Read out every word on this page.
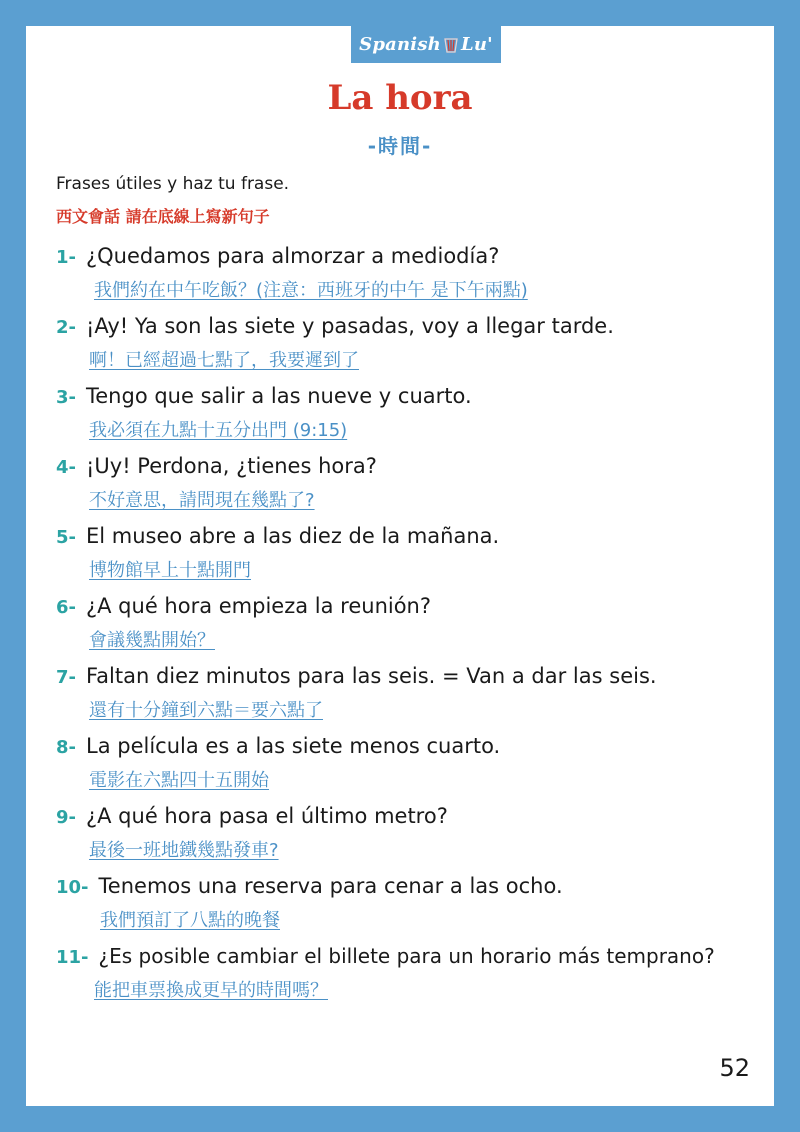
Spanish Lu'
La hora
-時間-
Frases útiles y haz tu frase.
西文會話 請在底線上寫新句子
1- ¿Quedamos para almorzar a mediodía?
我們約在中午吃飯？(注意：西班牙的中午 是下午兩點)
2- ¡Ay! Ya son las siete y pasadas, voy a llegar tarde.
啊！已經超過七點了，我要遲到了
3- Tengo que salir a las nueve y cuarto.
我必須在九點十五分出門 (9:15)
4- ¡Uy! Perdona, ¿tienes hora?
不好意思，請問現在幾點了?
5- El museo abre a las diez de la mañana.
博物館早上十點開門
6- ¿A qué hora empieza la reunión?
會議幾點開始？
7- Faltan diez minutos para las seis. = Van a dar las seis.
還有十分鐘到六點＝要六點了
8- La película es a las siete menos cuarto.
電影在六點四十五開始
9- ¿A qué hora pasa el último metro?
最後一班地鐵幾點發車?
10- Tenemos una reserva para cenar a las ocho.
我們預訂了八點的晚餐
11- ¿Es posible cambiar el billete para un horario más temprano?
能把車票換成更早的時間嗎？
52
